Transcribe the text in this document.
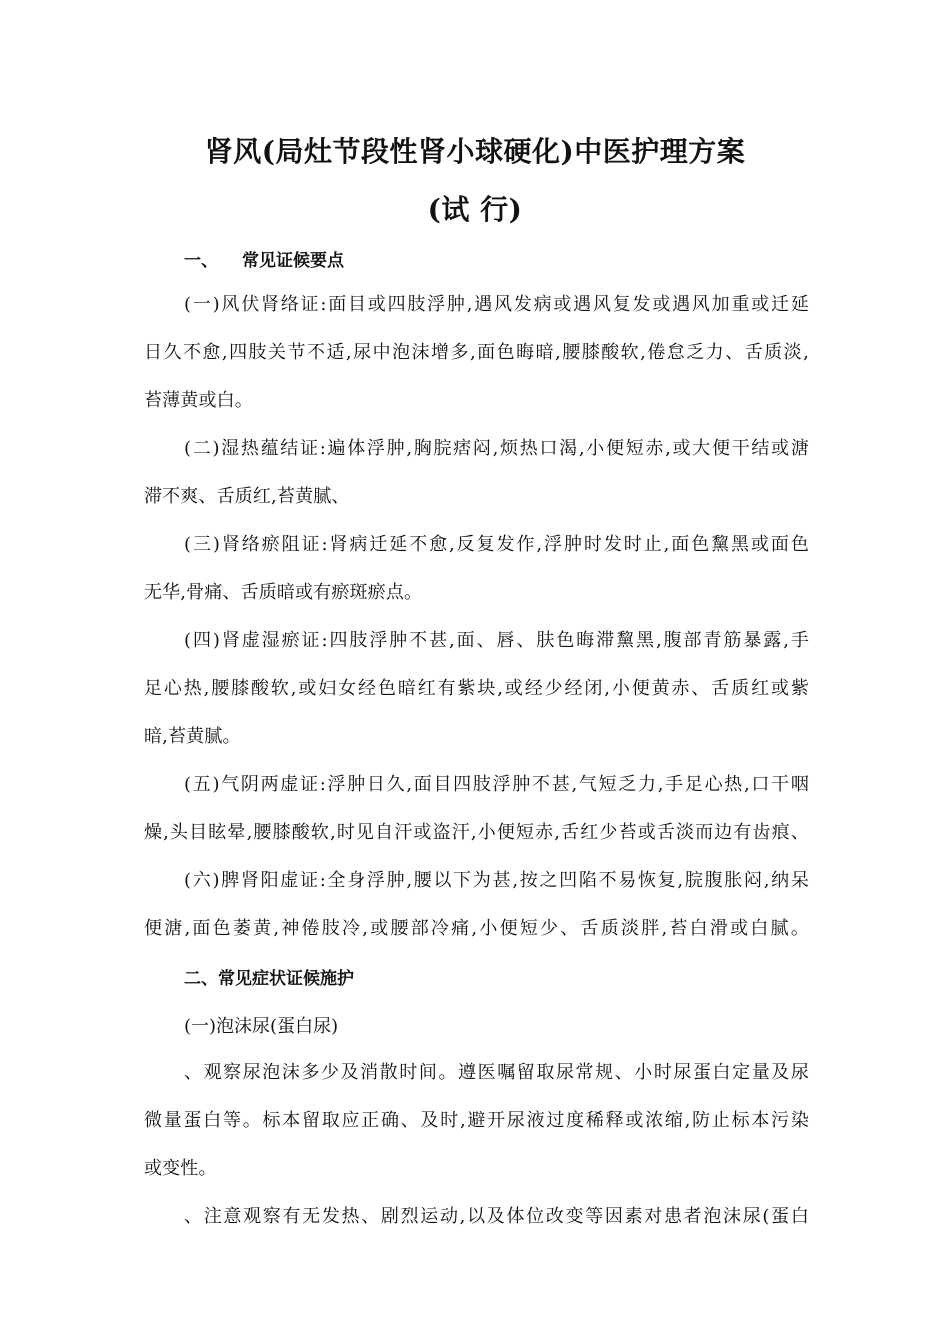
肾风(局灶节段性肾小球硬化)中医护理方案
(试 行)
一、 常见证候要点
(一)风伏肾络证:面目或四肢浮肿,遇风发病或遇风复发或遇风加重或迁延
日久不愈,四肢关节不适,尿中泡沫增多,面色晦暗,腰膝酸软,倦怠乏力、舌质淡,
苔薄黄或白。
(二)湿热蕴结证:遍体浮肿,胸脘痞闷,烦热口渴,小便短赤,或大便干结或溏
滞不爽、舌质红,苔黄腻、
(三)肾络瘀阻证:肾病迁延不愈,反复发作,浮肿时发时止,面色黧黑或面色
无华,骨痛、舌质暗或有瘀斑瘀点。
(四)肾虚湿瘀证:四肢浮肿不甚,面、唇、肤色晦滞黧黑,腹部青筋暴露,手
足心热,腰膝酸软,或妇女经色暗红有紫块,或经少经闭,小便黄赤、舌质红或紫
暗,苔黄腻。
(五)气阴两虚证:浮肿日久,面目四肢浮肿不甚,气短乏力,手足心热,口干咽
燥,头目眩晕,腰膝酸软,时见自汗或盗汗,小便短赤,舌红少苔或舌淡而边有齿痕、
(六)脾肾阳虚证:全身浮肿,腰以下为甚,按之凹陷不易恢复,脘腹胀闷,纳呆
便溏,面色萎黄,神倦肢冷,或腰部冷痛,小便短少、舌质淡胖,苔白滑或白腻。
二、常见症状证候施护
(一)泡沫尿(蛋白尿)
、观察尿泡沫多少及消散时间。遵医嘱留取尿常规、小时尿蛋白定量及尿
微量蛋白等。标本留取应正确、及时,避开尿液过度稀释或浓缩,防止标本污染
或变性。
、注意观察有无发热、剧烈运动,以及体位改变等因素对患者泡沫尿(蛋白
